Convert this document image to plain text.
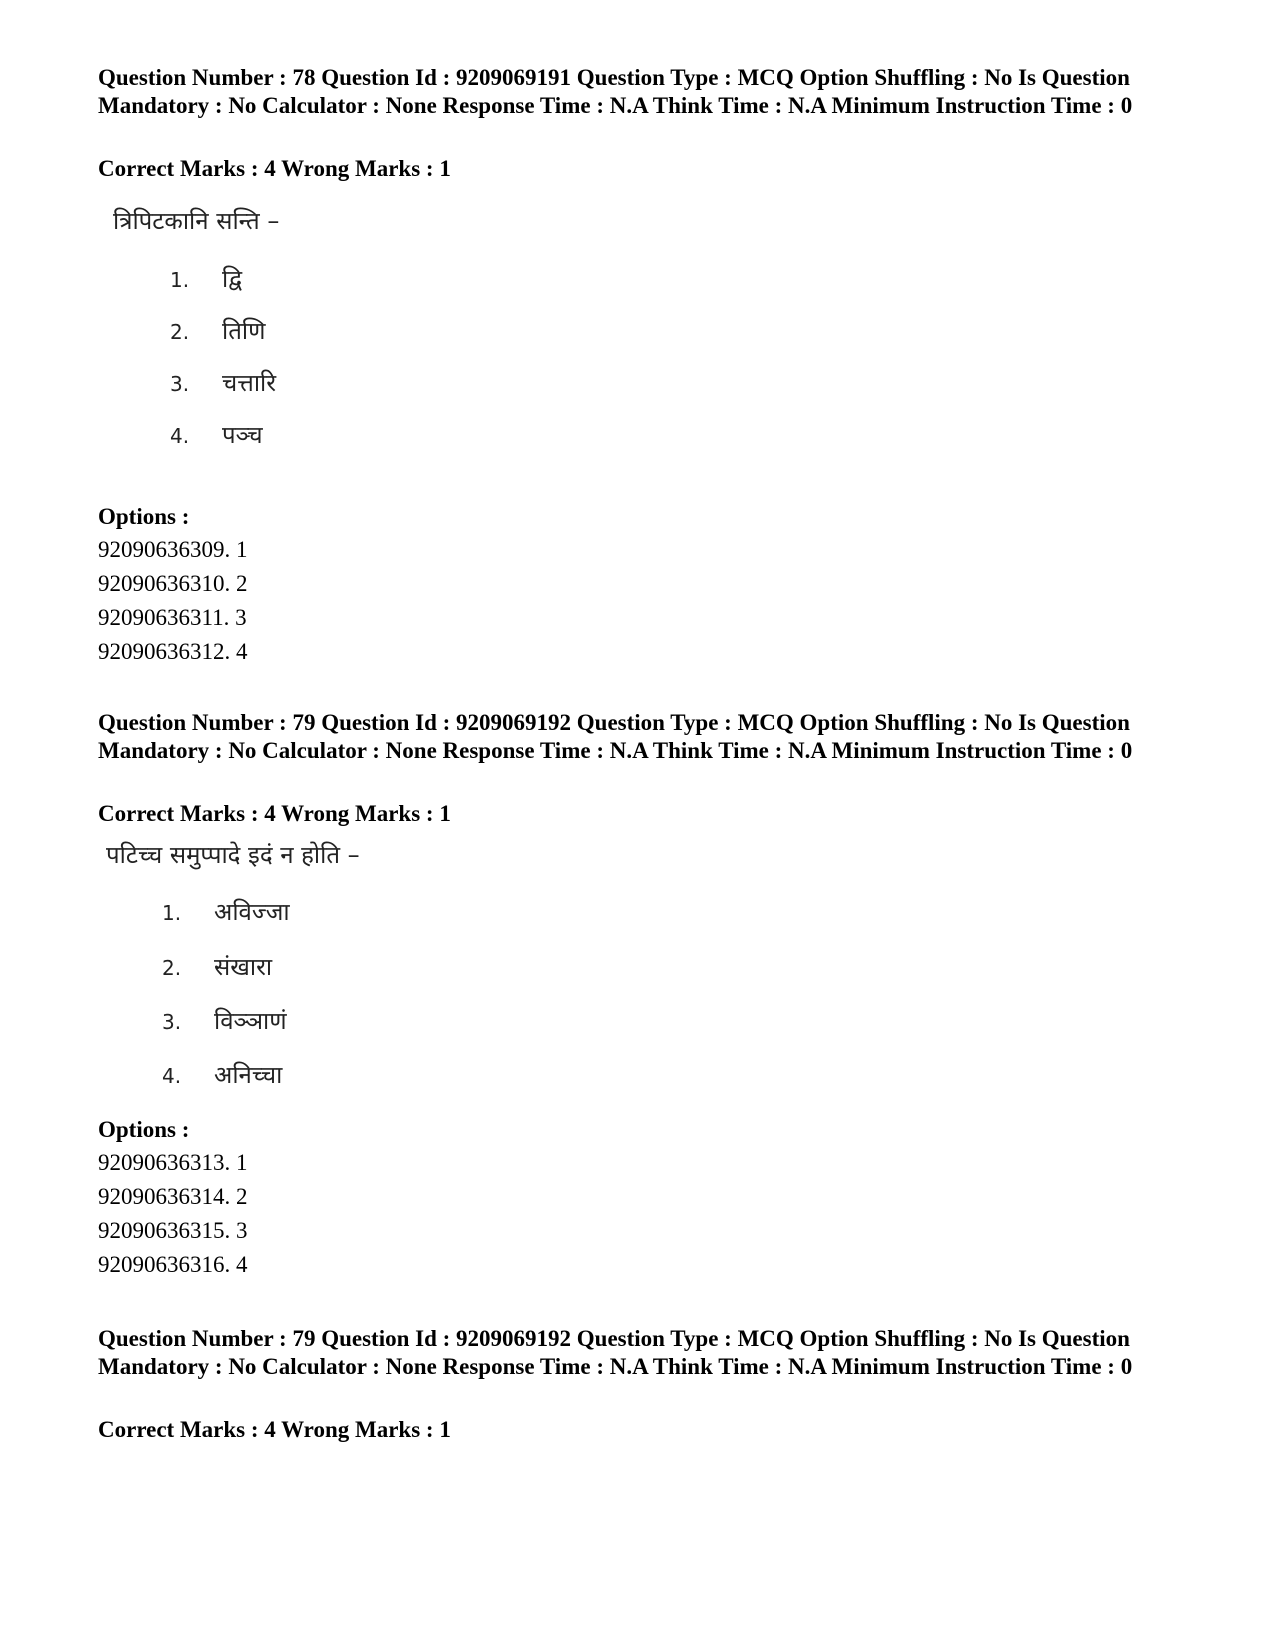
Question Number : 78 Question Id : 9209069191 Question Type : MCQ Option Shuffling : No Is Question Mandatory : No Calculator : None Response Time : N.A Think Time : N.A Minimum Instruction Time : 0
Correct Marks : 4 Wrong Marks : 1
त्रिपिटकानि सन्ति –
1. द्वि
2. तिणि
3. चत्तारि
4. पञ्च
Options :
92090636309. 1
92090636310. 2
92090636311. 3
92090636312. 4
Question Number : 79 Question Id : 9209069192 Question Type : MCQ Option Shuffling : No Is Question Mandatory : No Calculator : None Response Time : N.A Think Time : N.A Minimum Instruction Time : 0
Correct Marks : 4 Wrong Marks : 1
पटिच्च समुप्पादे इदं न होति –
1. अविज्जा
2. संखारा
3. विञ्ञाणं
4. अनिच्चा
Options :
92090636313. 1
92090636314. 2
92090636315. 3
92090636316. 4
Question Number : 79 Question Id : 9209069192 Question Type : MCQ Option Shuffling : No Is Question Mandatory : No Calculator : None Response Time : N.A Think Time : N.A Minimum Instruction Time : 0
Correct Marks : 4 Wrong Marks : 1
